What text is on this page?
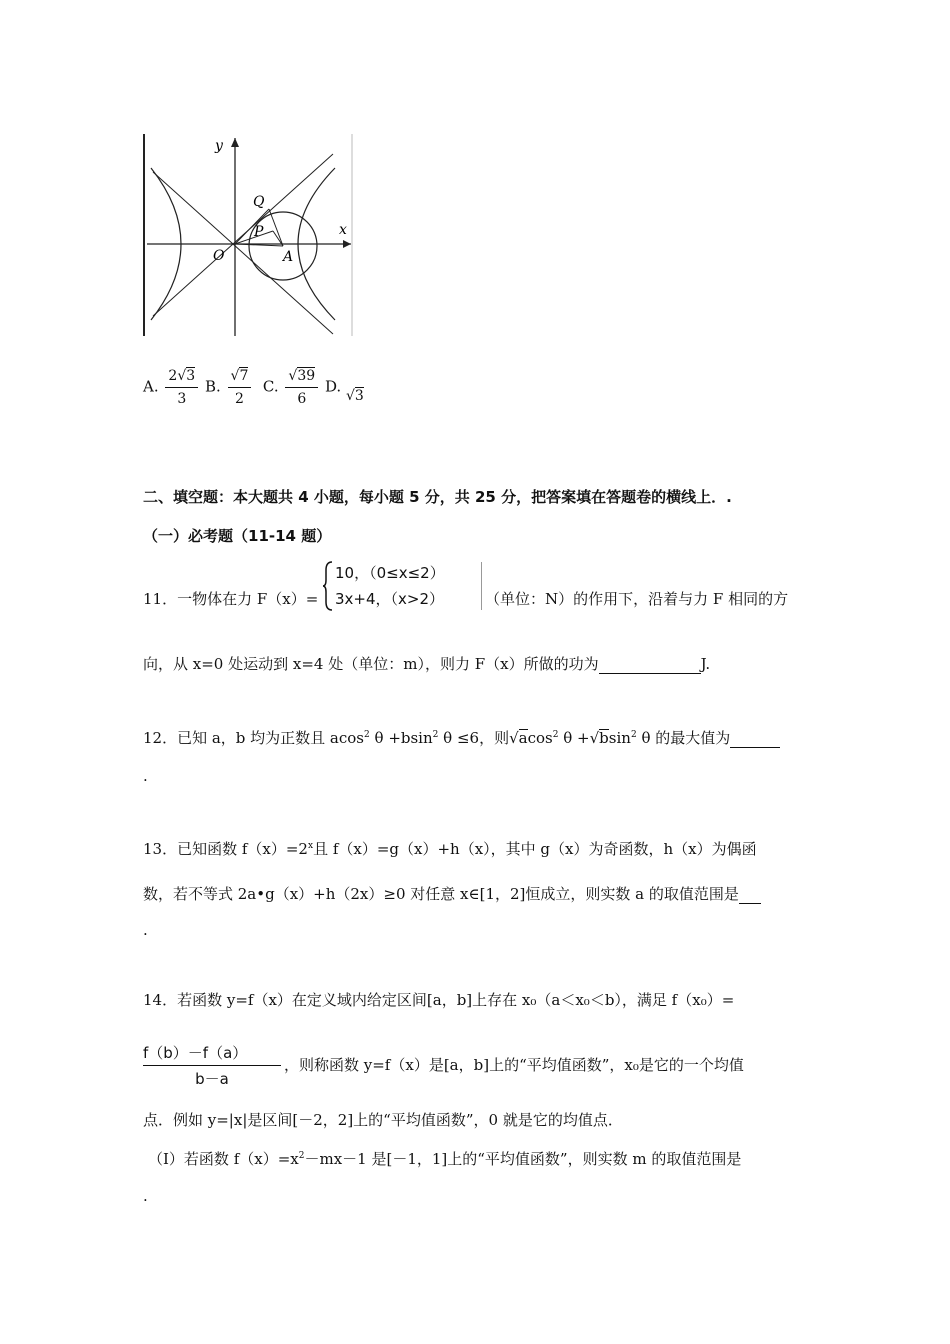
y
x
Q
P
O	A
A. $\frac{2√3}{3} B$. $\frac{√7}{2} C$. $\frac{√39}{6} D$. √3
二、填空题：本大题共 4 小题，每小题 5 分，共 25 分，把答案填在答题卷的横线上．.
（一）必考题（11-14 题）
11．一物体在力 F（x）=
10，（0≤x≤2）
3x+4，（x>2）	（单位：N）的作用下，沿着与力 F 相同的方
向，从 x=0 处运动到 x=4 处（单位：m），则力 F（x）所做的功为	J.
12．已知 a，b 均为正数且 acos$^2$ θ +bsin$^2$ θ ≤6，则√acos$^2$ θ +√bsin$^2$ θ 的最大值为
.
13．已知函数 $f(x)=2^x$且 f（x）=g（x）+h（x），其中 g（x）为奇函数，h（x）为偶函
数，若不等式 2a•g（x）+h（2x）≥0 对任意 x∈[1，2]恒成立，则实数 a 的取值范围是
.
14．若函数 y=f（x）在定义域内给定区间[a，b]上存在 x₀（a＜x₀＜b），满足 f（x₀）=
$\frac{f(b)-f(a)}{b-a}$ ，则称函数 y=f（x）是[a，b]上的“平均值函数”，x₀是它的一个均值
点．例如 y=|x|是区间[－2，2]上的“平均值函数”，0 就是它的均值点．
（I）若函数 $f(x)=x^2-mx-1$ 是[－1，1]上的“平均值函数”，则实数 m 的取值范围是
.
